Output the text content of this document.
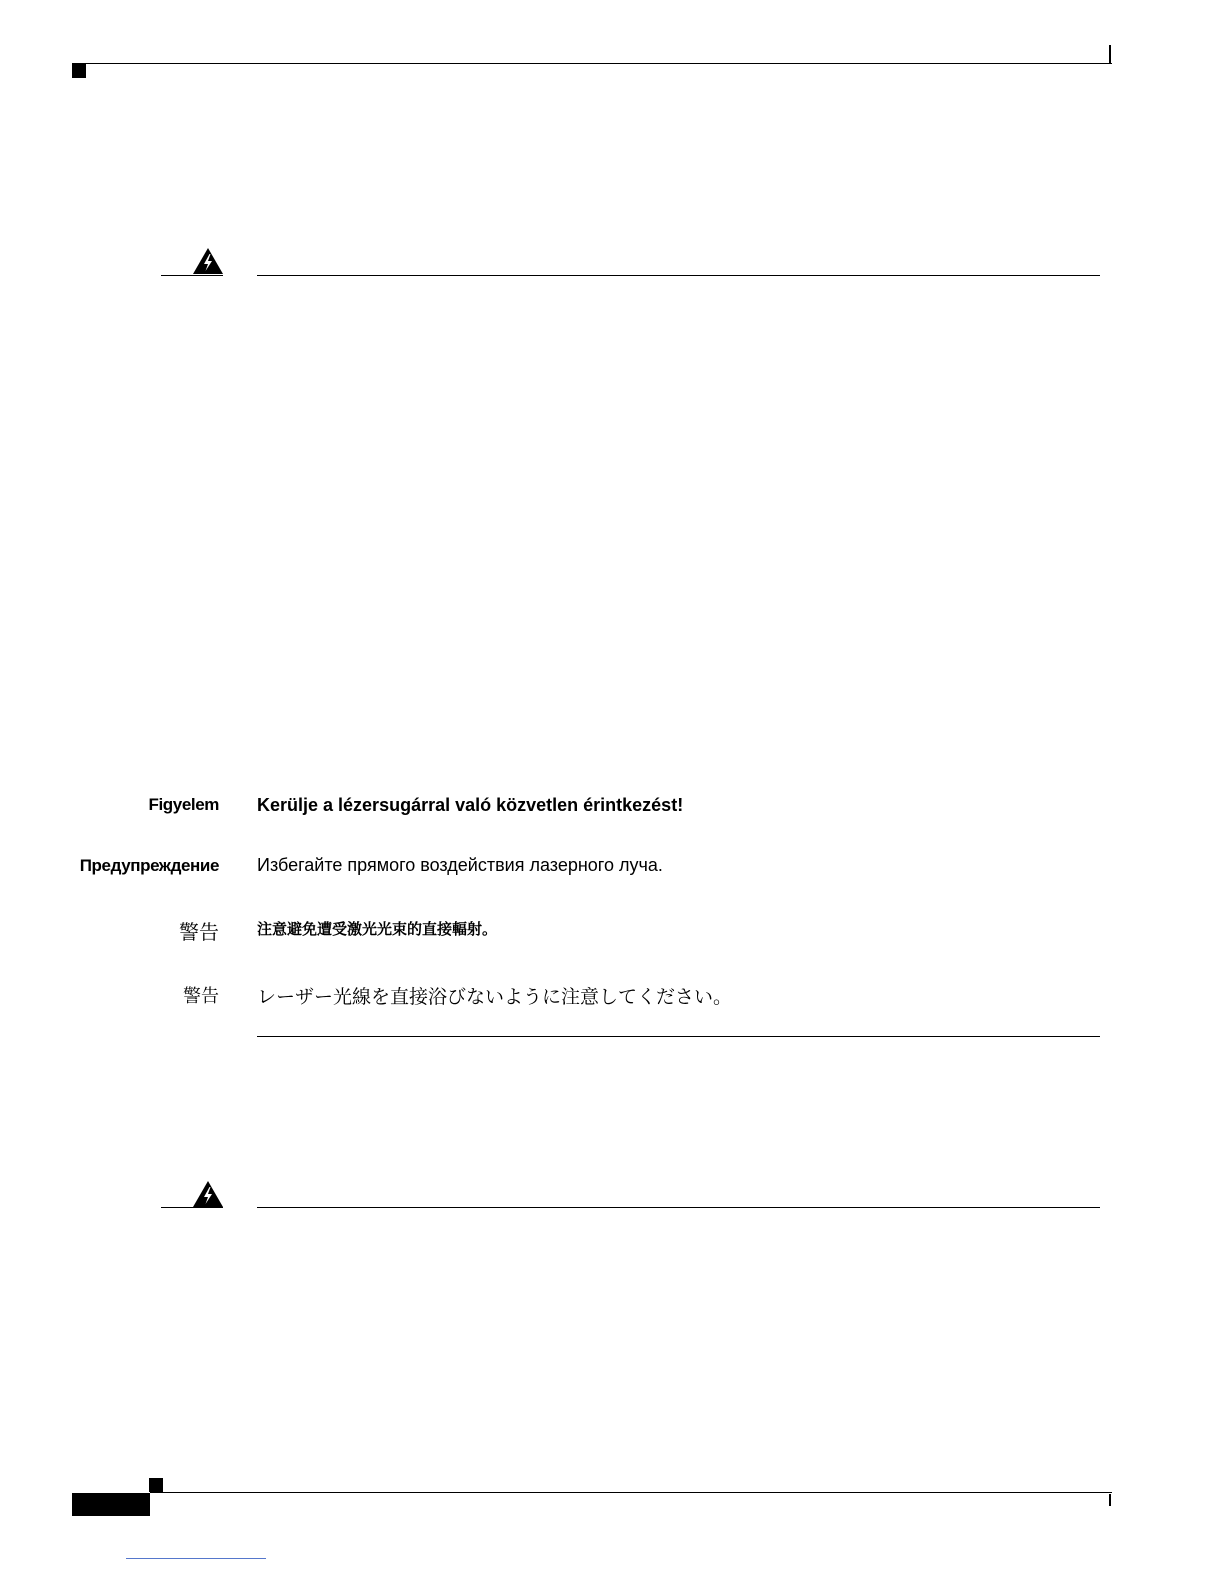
Figyelem Kerülje a lézersugárral való közvetlen érintkezést!
Предупреждение Избегайте прямого воздействия лазерного луча.
警告	注意避免遭受激光光束的直接輻射。
警告 レーザー光線を直接浴びないように注意してください。
